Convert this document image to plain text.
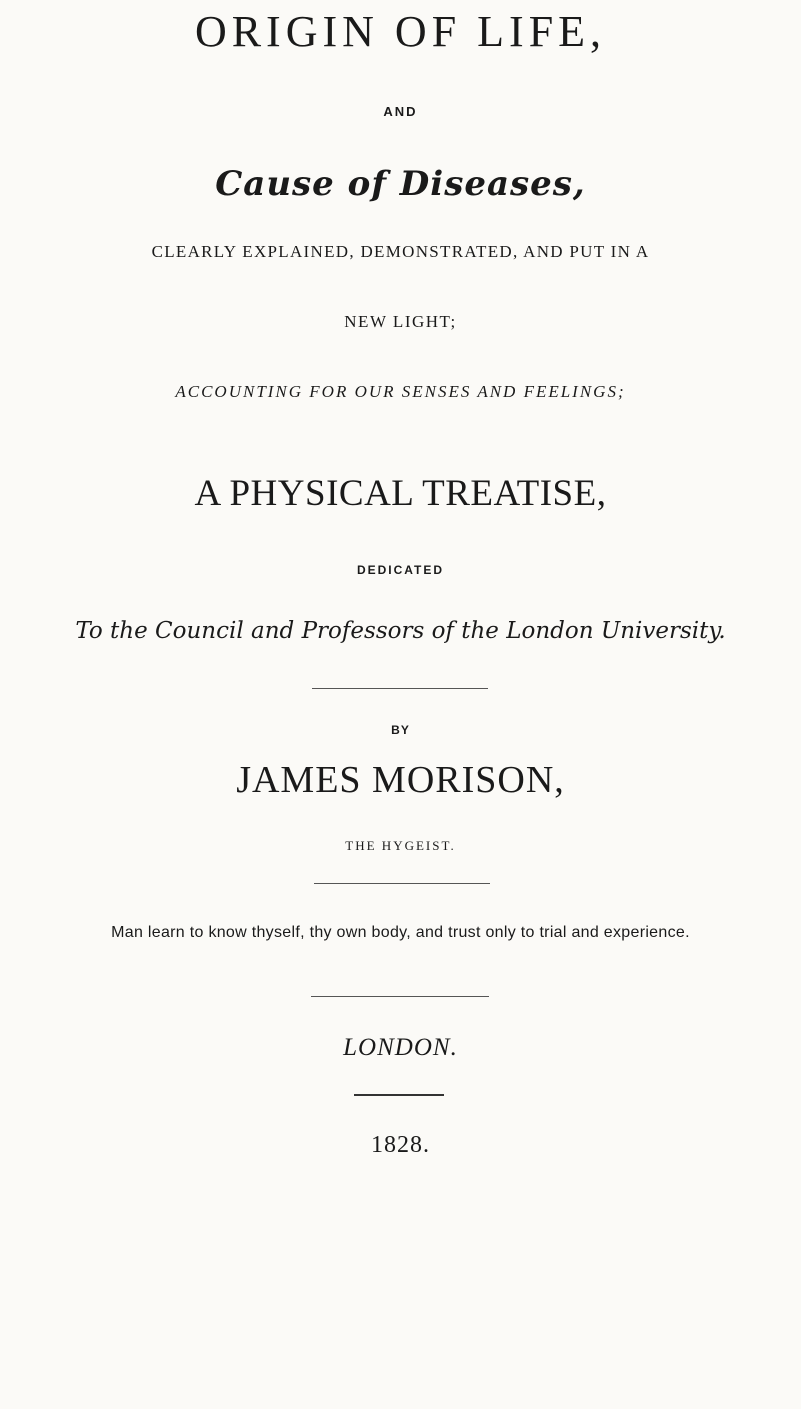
ORIGIN OF LIFE,
AND
Cause of Diseases,
CLEARLY EXPLAINED, DEMONSTRATED, AND PUT IN A
NEW LIGHT;
ACCOUNTING FOR OUR SENSES AND FEELINGS;
A PHYSICAL TREATISE,
DEDICATED
To the Council and Professors of the London University.
BY
JAMES MORISON,
THE HYGEIST.
Man learn to know thyself, thy own body, and trust only to trial and experience.
LONDON.
1828.
